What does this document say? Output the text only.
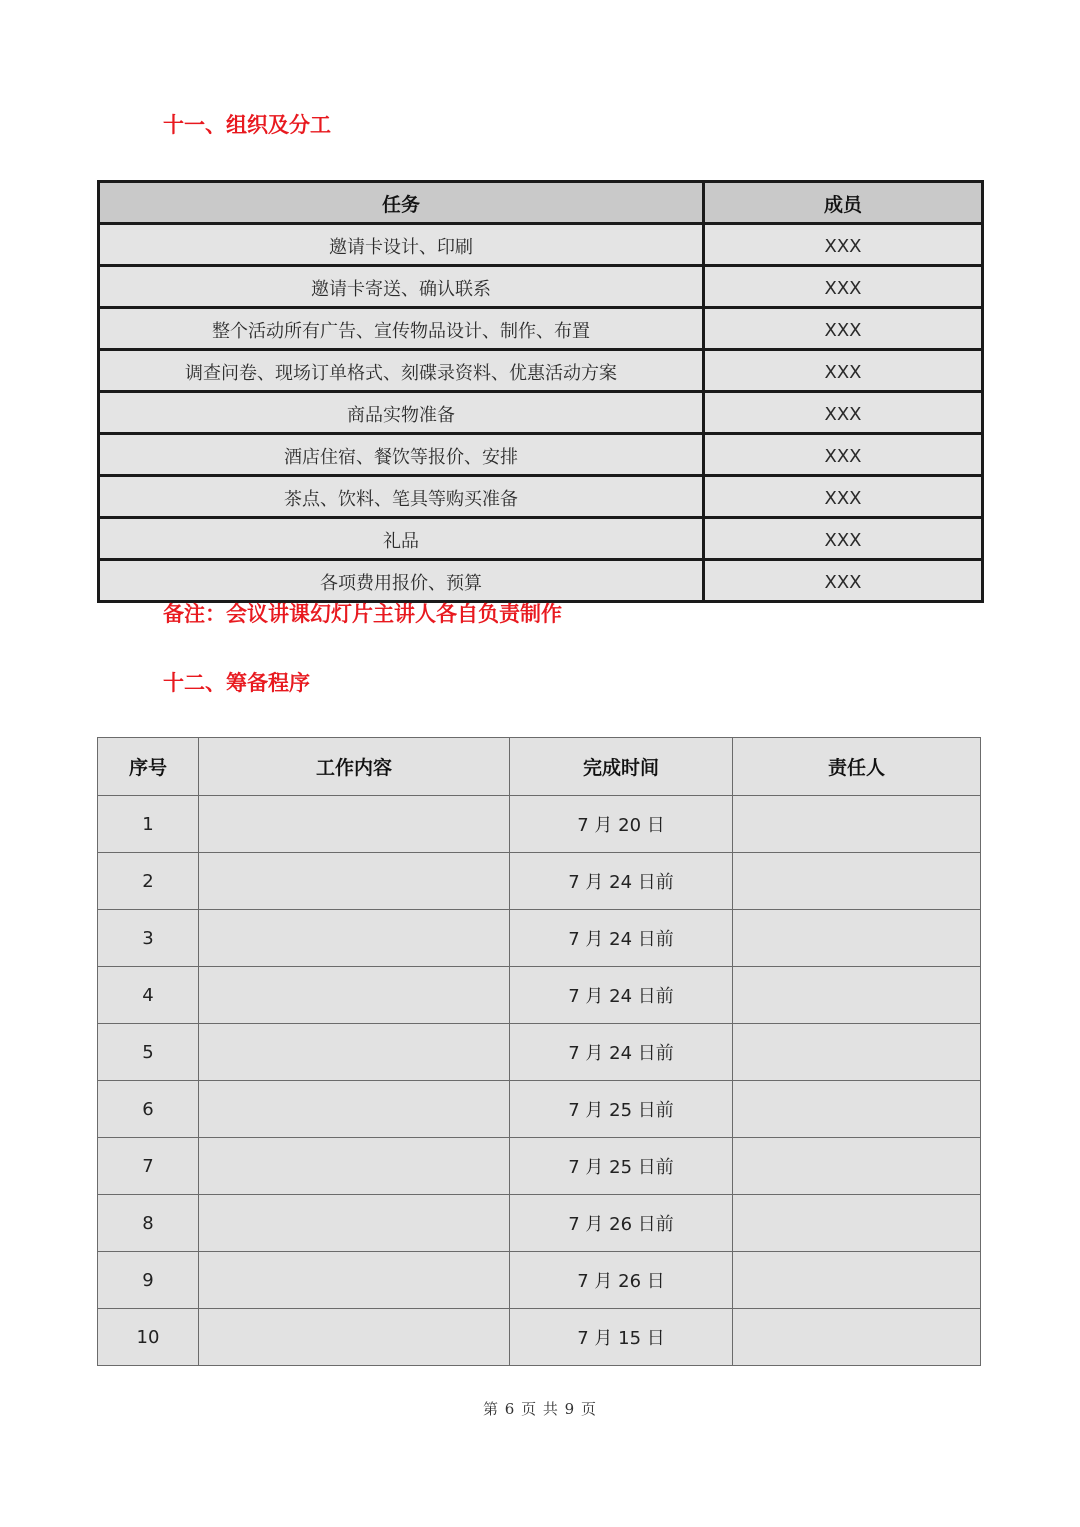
十一、组织及分工
任务	成员
邀请卡设计、印刷	XXX
邀请卡寄送、确认联系	XXX
整个活动所有广告、宣传物品设计、制作、布置	XXX
调查问卷、现场订单格式、刻碟录资料、优惠活动方案	XXX
商品实物准备	XXX
酒店住宿、餐饮等报价、安排	XXX
茶点、饮料、笔具等购买准备	XXX
礼品	XXX
各项费用报价、预算	XXX
备注：会议讲课幻灯片主讲人各自负责制作
十二、筹备程序
序号	工作内容	完成时间	责任人
1		7 月 20 日	
2		7 月 24 日前	
3		7 月 24 日前	
4		7 月 24 日前	
5		7 月 24 日前	
6		7 月 25 日前	
7		7 月 25 日前	
8		7 月 26 日前	
9		7 月 26 日	
10		7 月 15 日	
第 6 页 共 9 页
